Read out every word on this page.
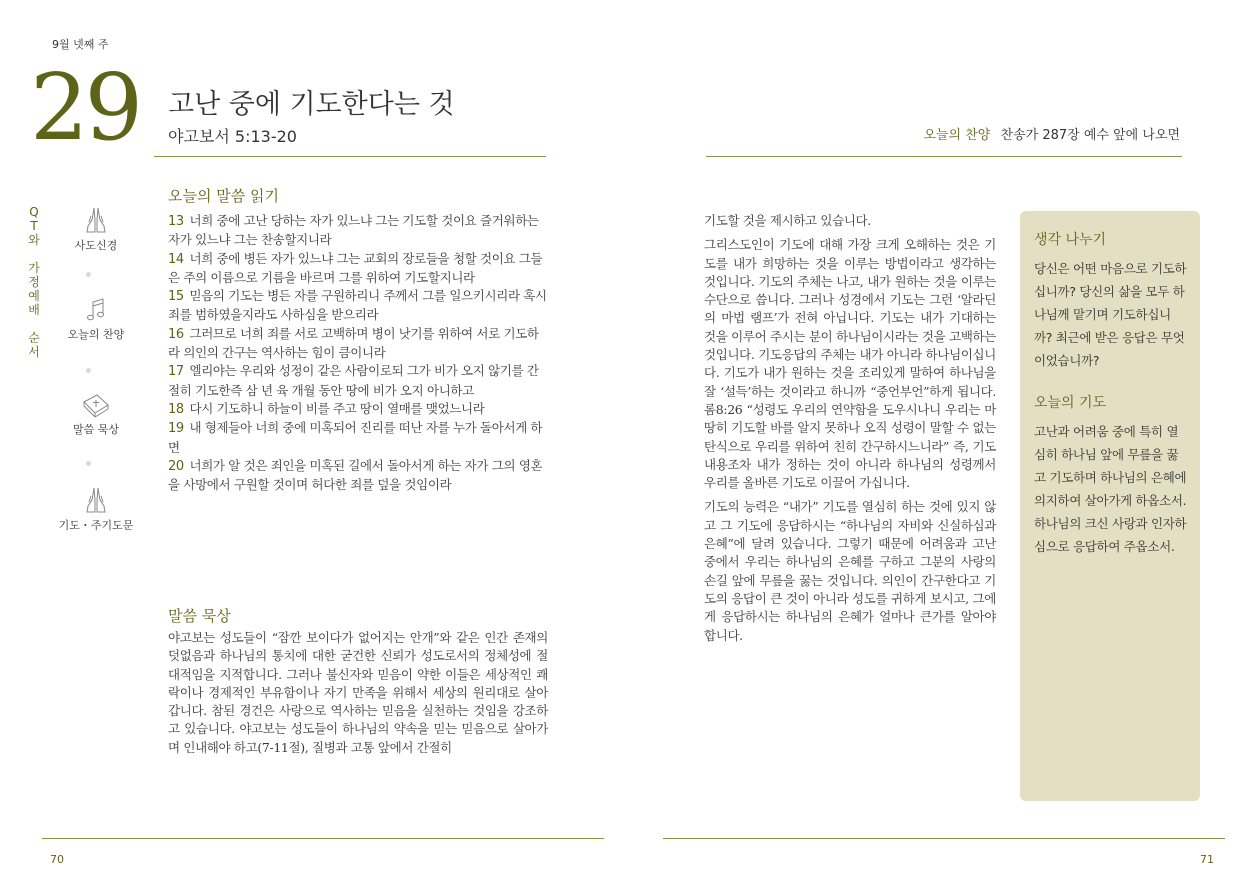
9월 넷째 주
29 고난 중에 기도한다는 것
야고보서 5:13-20	오늘의 찬양 찬송가 287장 예수 앞에 나오면
Q
T
와
가
정
예
배
순
서
사도신경
오늘의 찬양
말씀 묵상
기도・주기도문
오늘의 말씀 읽기
13 너희 중에 고난 당하는 자가 있느냐 그는 기도할 것이요 즐거워하는 자가 있느냐 그는 찬송할지니라
14 너희 중에 병든 자가 있느냐 그는 교회의 장로들을 청할 것이요 그들은 주의 이름으로 기름을 바르며 그를 위하여 기도할지니라
15 믿음의 기도는 병든 자를 구원하리니 주께서 그를 일으키시리라 혹시 죄를 범하였을지라도 사하심을 받으리라
16 그러므로 너희 죄를 서로 고백하며 병이 낫기를 위하여 서로 기도하라 의인의 간구는 역사하는 힘이 큼이니라
17 엘리야는 우리와 성정이 같은 사람이로되 그가 비가 오지 않기를 간절히 기도한즉 삼 년 육 개월 동안 땅에 비가 오지 아니하고
18 다시 기도하니 하늘이 비를 주고 땅이 열매를 맺었느니라
19 내 형제들아 너희 중에 미혹되어 진리를 떠난 자를 누가 돌아서게 하면
20 너희가 알 것은 죄인을 미혹된 길에서 돌아서게 하는 자가 그의 영혼을 사망에서 구원할 것이며 허다한 죄를 덮을 것임이라
말씀 묵상
야고보는 성도들이 “잠깐 보이다가 없어지는 안개”와 같은 인간 존재의 덧없음과 하나님의 통치에 대한 굳건한 신뢰가 성도로서의 정체성에 절대적임을 지적합니다. 그러나 불신자와 믿음이 약한 이들은 세상적인 쾌락이나 경제적인 부유함이나 자기 만족을 위해서 세상의 원리대로 살아갑니다. 참된 경건은 사랑으로 역사하는 믿음을 실천하는 것임을 강조하고 있습니다. 야고보는 성도들이 하나님의 약속을 믿는 믿음으로 살아가며 인내해야 하고(7-11절), 질병과 고통 앞에서 간절히

기도할 것을 제시하고 있습니다.

그리스도인이 기도에 대해 가장 크게 오해하는 것은 기도를 내가 희망하는 것을 이루는 방법이라고 생각하는 것입니다. 기도의 주체는 나고, 내가 원하는 것을 이루는 수단으로 씁니다. 그러나 성경에서 기도는 그런 ‘알라딘의 마법 램프’가 전혀 아닙니다. 기도는 내가 기대하는 것을 이루어 주시는 분이 하나님이시라는 것을 고백하는 것입니다. 기도응답의 주체는 내가 아니라 하나님이십니다. 기도가 내가 원하는 것을 조리있게 말하여 하나님을 잘 ‘설득’하는 것이라고 하니까 “중언부언”하게 됩니다. 롬8:26 “성령도 우리의 연약함을 도우시나니 우리는 마땅히 기도할 바를 알지 못하나 오직 성령이 말할 수 없는 탄식으로 우리를 위하여 친히 간구하시느니라” 즉, 기도 내용조차 내가 정하는 것이 아니라 하나님의 성령께서 우리를 올바른 기도로 이끌어 가십니다.

기도의 능력은 “내가” 기도를 열심히 하는 것에 있지 않고 그 기도에 응답하시는 “하나님의 자비와 신실하심과 은혜”에 달려 있습니다. 그렇기 때문에 어려움과 고난 중에서 우리는 하나님의 은혜를 구하고 그분의 사랑의 손길 앞에 무릎을 꿇는 것입니다. 의인이 간구한다고 기도의 응답이 큰 것이 아니라 성도를 귀하게 보시고, 그에게 응답하시는 하나님의 은혜가 얼마나 큰가를 알아야 합니다.

생각 나누기
당신은 어떤 마음으로 기도하십니까? 당신의 삶을 모두 하나님께 맡기며 기도하십니까? 최근에 받은 응답은 무엇이었습니까?
오늘의 기도
고난과 어려움 중에 특히 열심히 하나님 앞에 무릎을 꿇고 기도하며 하나님의 은혜에 의지하여 살아가게 하옵소서. 하나님의 크신 사랑과 인자하심으로 응답하여 주옵소서.
70	71
